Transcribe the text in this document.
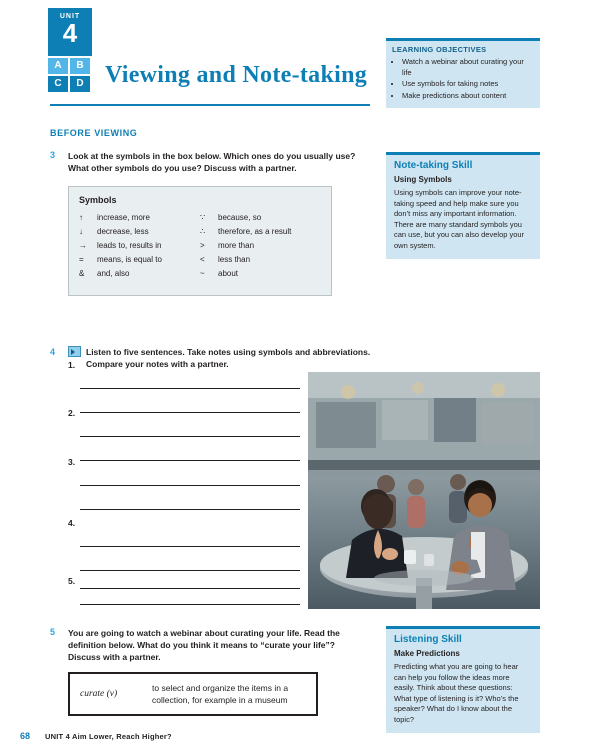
UNIT
4
A	B
C	D Viewing and Note-taking
LEARNING OBJECTIVES
• Watch a webinar about curating your life
• Use symbols for taking notes
• Make predictions about content
BEFORE VIEWING
3 Look at the symbols in the box below. Which ones do you usually use? What other symbols do you use? Discuss with a partner.
Symbols
↑	increase, more
↓	decrease, less
→	leads to, results in
=	means, is equal to
&	and, also
∵	because, so
∴	therefore, as a result
>	more than
<	less than
~	about
Note-taking Skill
Using Symbols
Using symbols can improve your note-taking speed and help make sure you don’t miss any important information. There are many standard symbols you can use, but you can also develop your own system.
4	Listen to five sentences. Take notes using symbols and abbreviations. Compare your notes with a partner.
1.
2.
3.
4.
5.
5 You are going to watch a webinar about curating your life. Read the definition below. What do you think it means to “curate your life”? Discuss with a partner.
Listening Skill
Make Predictions
Predicting what you are going to hear can help you follow the ideas more easily. Think about these questions: What type of listening is it? Who’s the speaker? What do I know about the topic?
curate (v)
to select and organize the items in a collection, for example in a museum
68 UNIT 4 Aim Lower, Reach Higher?
